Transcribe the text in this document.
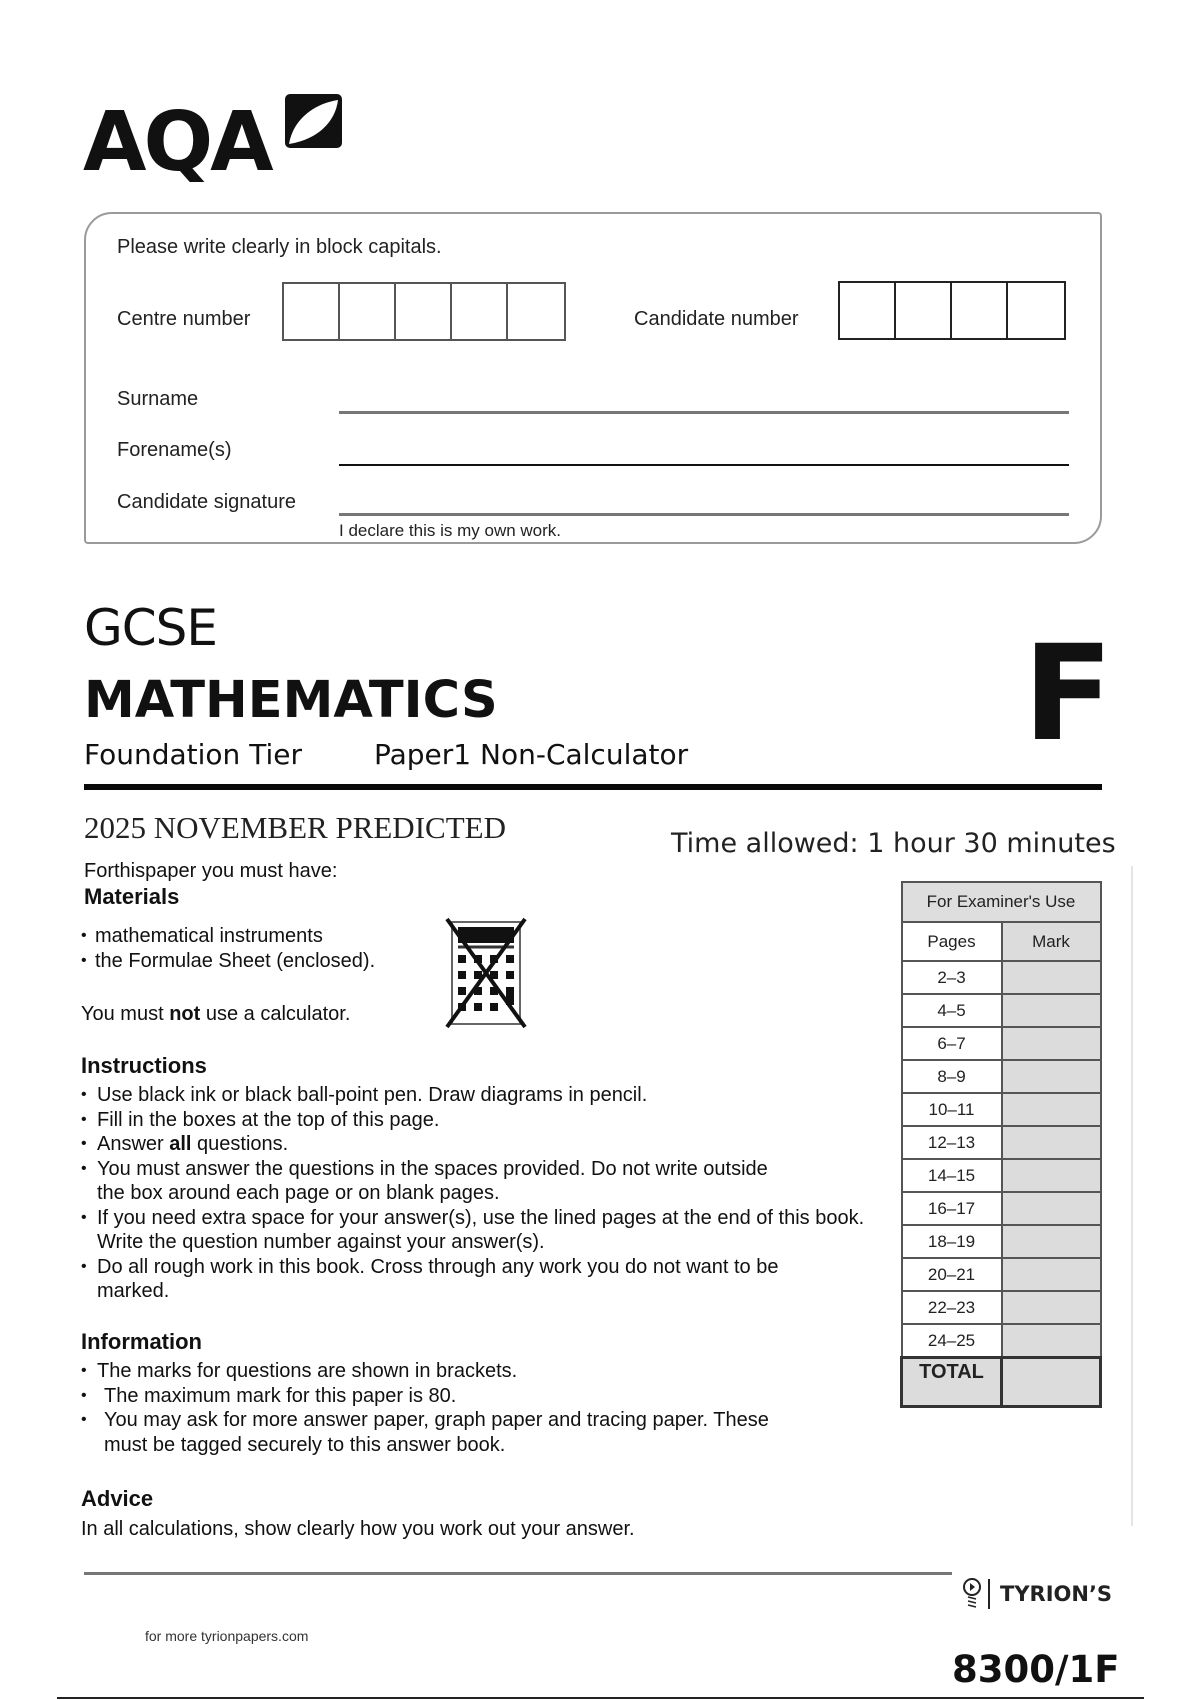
AQA
Please write clearly in block capitals.
Centre number	Candidate number
Surname
Forename(s)
Candidate signature
I declare this is my own work.
GCSE
MATHEMATICS
Foundation Tier	Paper1 Non-Calculator	F
2025 NOVEMBER PREDICTED	Time allowed: 1 hour 30 minutes
Forthispaper you must have:
Materials
• mathematical instruments
• the Formulae Sheet (enclosed).
You must not use a calculator.
Instructions
• Use black ink or black ball-point pen. Draw diagrams in pencil.
• Fill in the boxes at the top of this page.
• Answer all questions.
• You must answer the questions in the spaces provided. Do not write outside the box around each page or on blank pages.
• If you need extra space for your answer(s), use the lined pages at the end of this book. Write the question number against your answer(s).
• Do all rough work in this book. Cross through any work you do not want to be marked.
Information
• The marks for questions are shown in brackets.
• The maximum mark for this paper is 80.
• You may ask for more answer paper, graph paper and tracing paper. These must be tagged securely to this answer book.
Advice
In all calculations, show clearly how you work out your answer.
For Examiner's Use	
Pages	Mark
2–3	
4–5	
6–7	
8–9	
10–11	
12–13	
14–15	
16–17	
18–19	
20–21	
22–23	
24–25	
TOTAL	
TYRION’S
for more tyrionpapers.com
8300/1F
